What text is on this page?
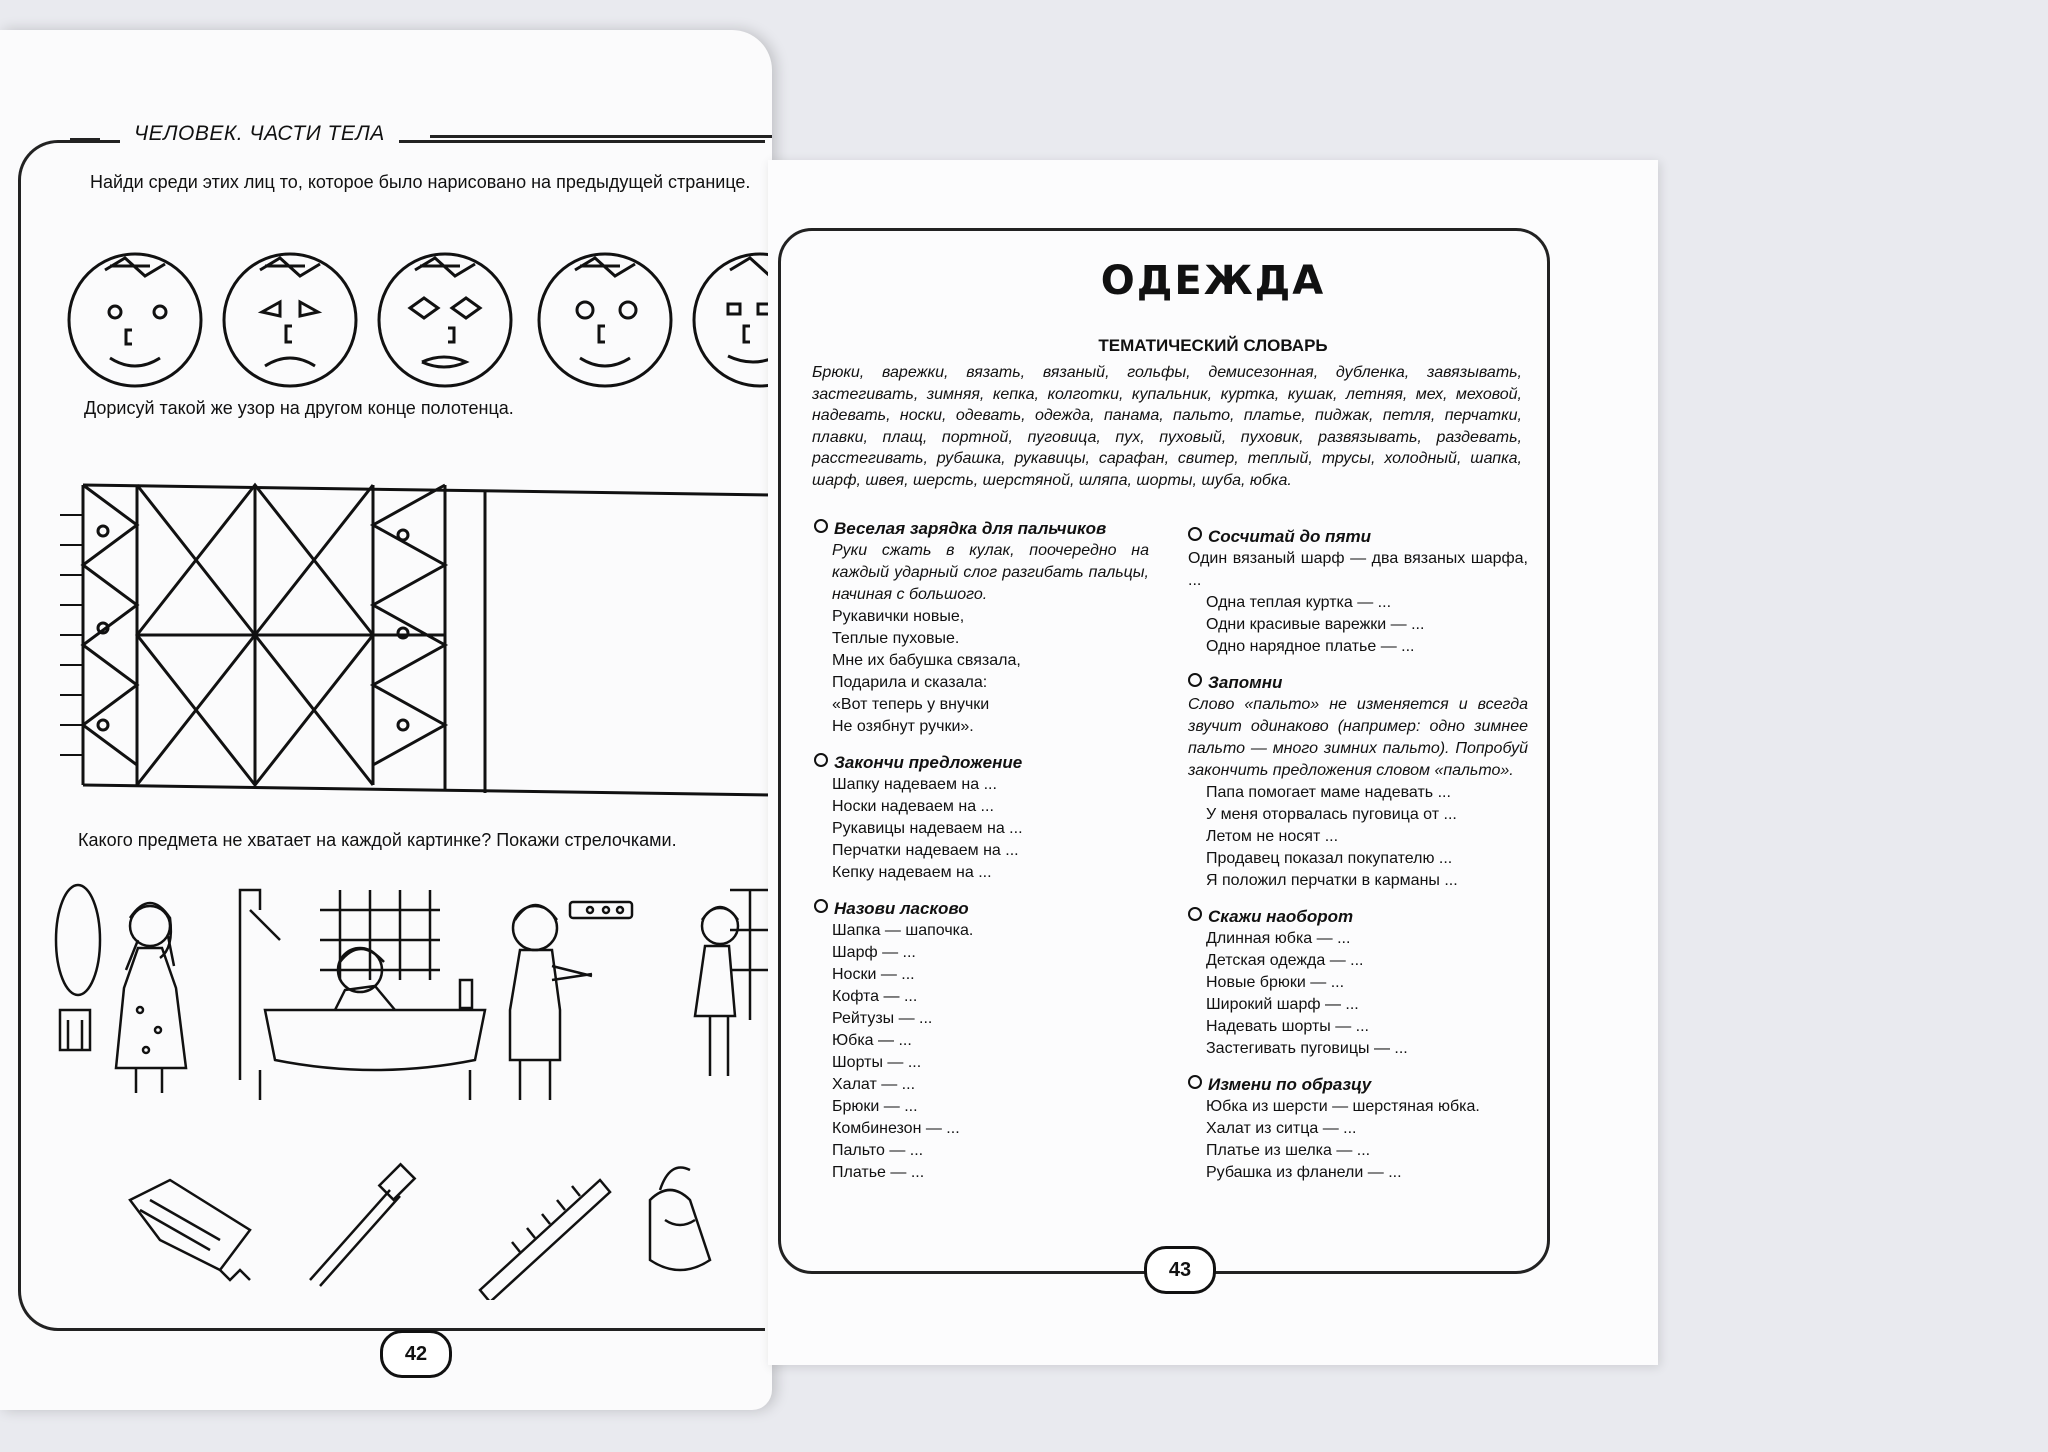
ЧЕЛОВЕК. ЧАСТИ ТЕЛА
Найди среди этих лиц то, которое было нарисовано на предыдущей странице.
Дорисуй такой же узор на другом конце полотенца.
Какого предмета не хватает на каждой картинке? Покажи стрелочками.
42
ОДЕЖДА
ТЕМАТИЧЕСКИЙ СЛОВАРЬ
Брюки, варежки, вязать, вязаный, гольфы, демисезонная, дубленка, завязывать, застегивать, зимняя, кепка, колготки, купальник, куртка, кушак, летняя, мех, меховой, надевать, носки, одевать, одежда, панама, пальто, платье, пиджак, петля, перчатки, плавки, плащ, портной, пуговица, пух, пуховый, пуховик, развязывать, раздевать, расстегивать, рубашка, рукавицы, сарафан, свитер, теплый, трусы, холодный, шапка, шарф, швея, шерсть, шерстяной, шляпа, шорты, шуба, юбка.

Веселая зарядка для пальчиков

Руки сжать в кулак, поочередно на каждый ударный слог разгибать пальцы, начиная с большого.
Рукавички новые,
Теплые пуховые.
Мне их бабушка связала,
Подарила и сказала:
«Вот теперь у внучки
Не озябнут ручки».

Закончи предложение

Шапку надеваем на ...
Носки надеваем на ...
Рукавицы надеваем на ...
Перчатки надеваем на ...
Кепку надеваем на ...

Назови ласково

Шапка — шапочка.
Шарф — ...
Носки — ...
Кофта — ...
Рейтузы — ...
Юбка — ...
Шорты — ...
Халат — ...
Брюки — ...
Комбинезон — ...
Пальто — ...
Платье — ...

Сосчитай до пяти

Один вязаный шарф — два вязаных шарфа, ...
Одна теплая куртка — ...
Одни красивые варежки — ...
Одно нарядное платье — ...

Запомни

Слово «пальто» не изменяется и всегда звучит одинаково (например: одно зимнее пальто — много зимних пальто). Попробуй закончить предложения словом «пальто».
Папа помогает маме надевать ...
У меня оторвалась пуговица от ...
Летом не носят ...
Продавец показал покупателю ...
Я положил перчатки в карманы ...

Скажи наоборот

Длинная юбка — ...
Детская одежда — ...
Новые брюки — ...
Широкий шарф — ...
Надевать шорты — ...
Застегивать пуговицы — ...

Измени по образцу

Юбка из шерсти — шерстяная юбка.
Халат из ситца — ...
Платье из шелка — ...
Рубашка из фланели — ...
43
